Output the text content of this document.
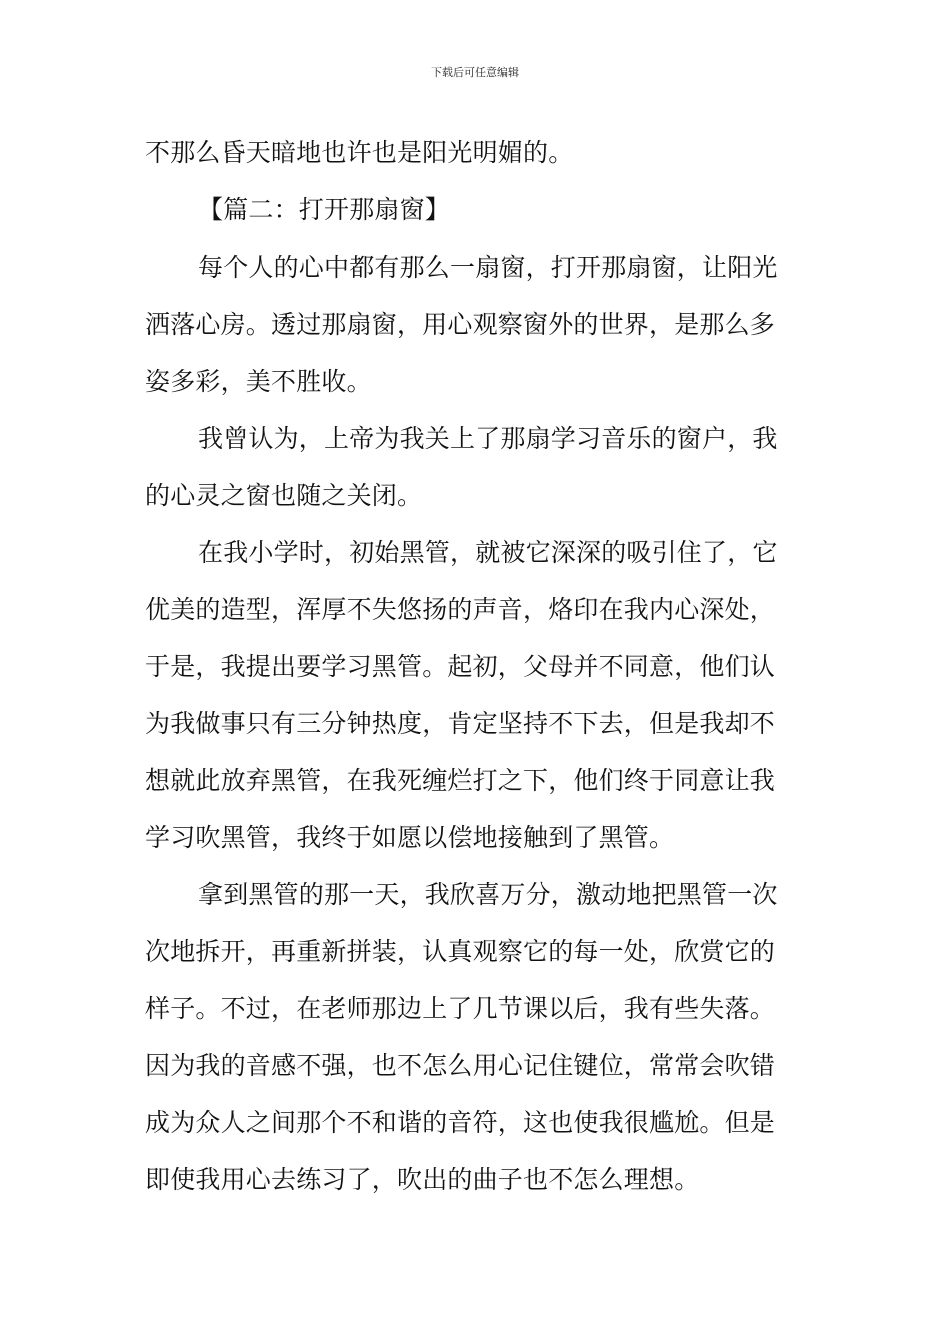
下载后可任意编辑
不那么昏天暗地也许也是阳光明媚的。
【篇二：打开那扇窗】
每个人的心中都有那么一扇窗，打开那扇窗，让阳光
洒落心房。透过那扇窗，用心观察窗外的世界，是那么多
姿多彩，美不胜收。
我曾认为，上帝为我关上了那扇学习音乐的窗户，我
的心灵之窗也随之关闭。
在我小学时，初始黑管，就被它深深的吸引住了，它
优美的造型，浑厚不失悠扬的声音，烙印在我内心深处，
于是，我提出要学习黑管。起初，父母并不同意，他们认
为我做事只有三分钟热度，肯定坚持不下去，但是我却不
想就此放弃黑管，在我死缠烂打之下，他们终于同意让我
学习吹黑管，我终于如愿以偿地接触到了黑管。
拿到黑管的那一天，我欣喜万分，激动地把黑管一次
次地拆开，再重新拼装，认真观察它的每一处，欣赏它的
样子。不过，在老师那边上了几节课以后，我有些失落。
因为我的音感不强，也不怎么用心记住键位，常常会吹错
成为众人之间那个不和谐的音符，这也使我很尴尬。但是
即使我用心去练习了，吹出的曲子也不怎么理想。
